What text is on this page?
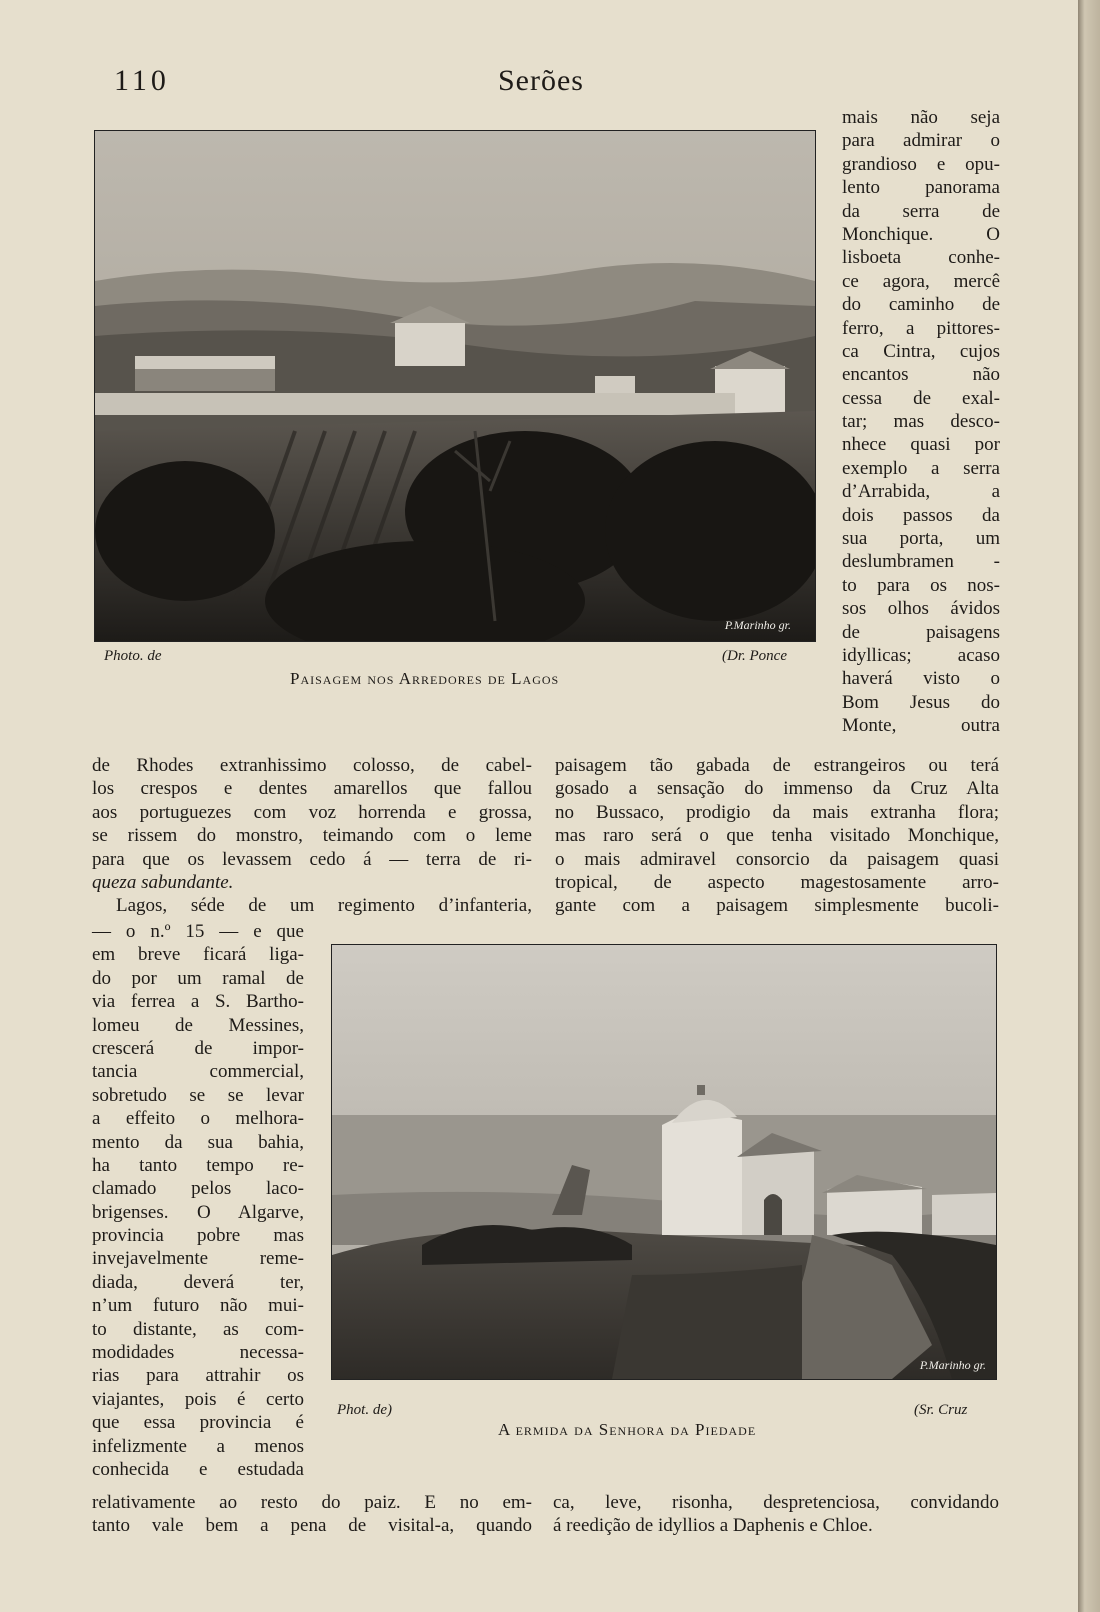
110	Serões
P.Marinho gr.
Photo. de	(Dr. Ponce
Paisagem nos Arredores de Lagos
mais não seja
para admirar o
grandioso e opu-
lento panorama
da serra de
Monchique. O
lisboeta conhe-
ce agora, mercê
do caminho de
ferro, a pittores-
ca Cintra, cujos
encantos não
cessa de exal-
tar; mas desco-
nhece quasi por
exemplo a serra
d’Arrabida, a
dois passos da
sua porta, um
deslumbramen -
to para os nos-
sos olhos ávidos
de paisagens
idyllicas; acaso
haverá visto o
Bom Jesus do
Monte, outra
de Rhodes extranhissimo colosso, de cabel-
los crespos e dentes amarellos que fallou
aos portuguezes com voz horrenda e grossa,
se rissem do monstro, teimando com o leme
para que os levassem cedo á — terra de ri-
queza sabundante.
Lagos, séde de um regimento d’infanteria,
paisagem tão gabada de estrangeiros ou terá
gosado a sensação do immenso da Cruz Alta
no Bussaco, prodigio da mais extranha flora;
mas raro será o que tenha visitado Monchique,
o mais admiravel consorcio da paisagem quasi
tropical, de aspecto magestosamente arro-
gante com a paisagem simplesmente bucoli-
— o n.º 15 — e que
em breve ficará liga-
do por um ramal de
via ferrea a S. Bartho-
lomeu de Messines,
crescerá de impor-
tancia commercial,
sobretudo se se levar
a effeito o melhora-
mento da sua bahia,
ha tanto tempo re-
clamado pelos laco-
brigenses. O Algarve,
provincia pobre mas
invejavelmente reme-
diada, deverá ter,
n’um futuro não mui-
to distante, as com-
modidades necessa-
rias para attrahir os
viajantes, pois é certo
que essa provincia é
infelizmente a menos
conhecida e estudada
P.Marinho gr.
Phot. de)	(Sr. Cruz
A ermida da Senhora da Piedade
relativamente ao resto do paiz. E no em-
tanto vale bem a pena de visital-a, quando
ca, leve, risonha, despretenciosa, convidando
á reedição de idyllios a Daphenis e Chloe.
